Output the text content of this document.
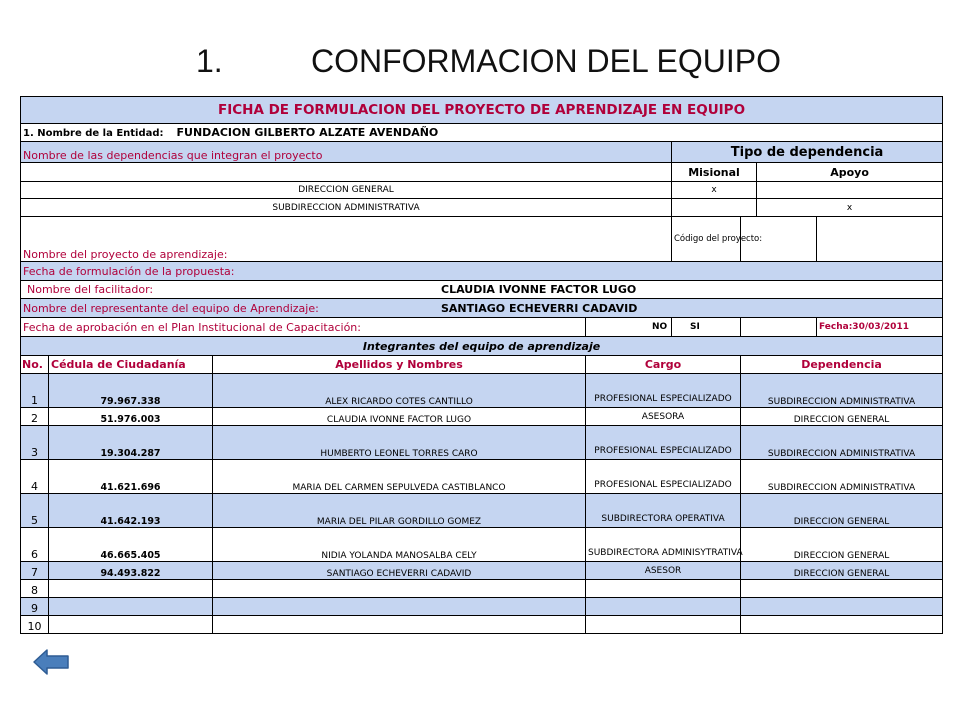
1.	CONFORMACION DEL EQUIPO
FICHA DE FORMULACION DEL PROYECTO DE APRENDIZAJE EN EQUIPO							
1. Nombre de la Entidad: FUNDACION GILBERTO ALZATE AVENDAÑO							
Nombre de las dependencias que integran el proyecto				Tipo de dependencia			
				Misional		Apoyo	
DIRECCION GENERAL				x			
SUBDIRECCION ADMINISTRATIVA						x	
Nombre del proyecto de aprendizaje:				Código del proyecto:			
Fecha de formulación de la propuesta:							
Nombre del facilitador: CLAUDIA IVONNE FACTOR LUGO							
Nombre del representante del equipo de Aprendizaje: SANTIAGO ECHEVERRI CADAVID							
Fecha de aprobación en el Plan Institucional de Capacitación:			NO	SI			Fecha:30/03/2011
Integrantes del equipo de aprendizaje							
No.	Cédula de Ciudadanía	Apellidos y Nombres	Cargo		Dependencia		
1	79.967.338	ALEX RICARDO COTES CANTILLO	PROFESIONAL ESPECIALIZADO		SUBDIRECCION ADMINISTRATIVA		
2	51.976.003	CLAUDIA IVONNE FACTOR LUGO	ASESORA		DIRECCION GENERAL		
3	19.304.287	HUMBERTO LEONEL TORRES CARO	PROFESIONAL ESPECIALIZADO		SUBDIRECCION ADMINISTRATIVA		
4	41.621.696	MARIA DEL CARMEN SEPULVEDA CASTIBLANCO	PROFESIONAL ESPECIALIZADO		SUBDIRECCION ADMINISTRATIVA		
5	41.642.193	MARIA DEL PILAR GORDILLO GOMEZ	SUBDIRECTORA OPERATIVA		DIRECCION GENERAL		
6	46.665.405	NIDIA YOLANDA MANOSALBA CELY	SUBDIRECTORA ADMINISYTRATIVA		DIRECCION GENERAL		
7	94.493.822	SANTIAGO ECHEVERRI CADAVID	ASESOR		DIRECCION GENERAL		
8							
9							
10							
